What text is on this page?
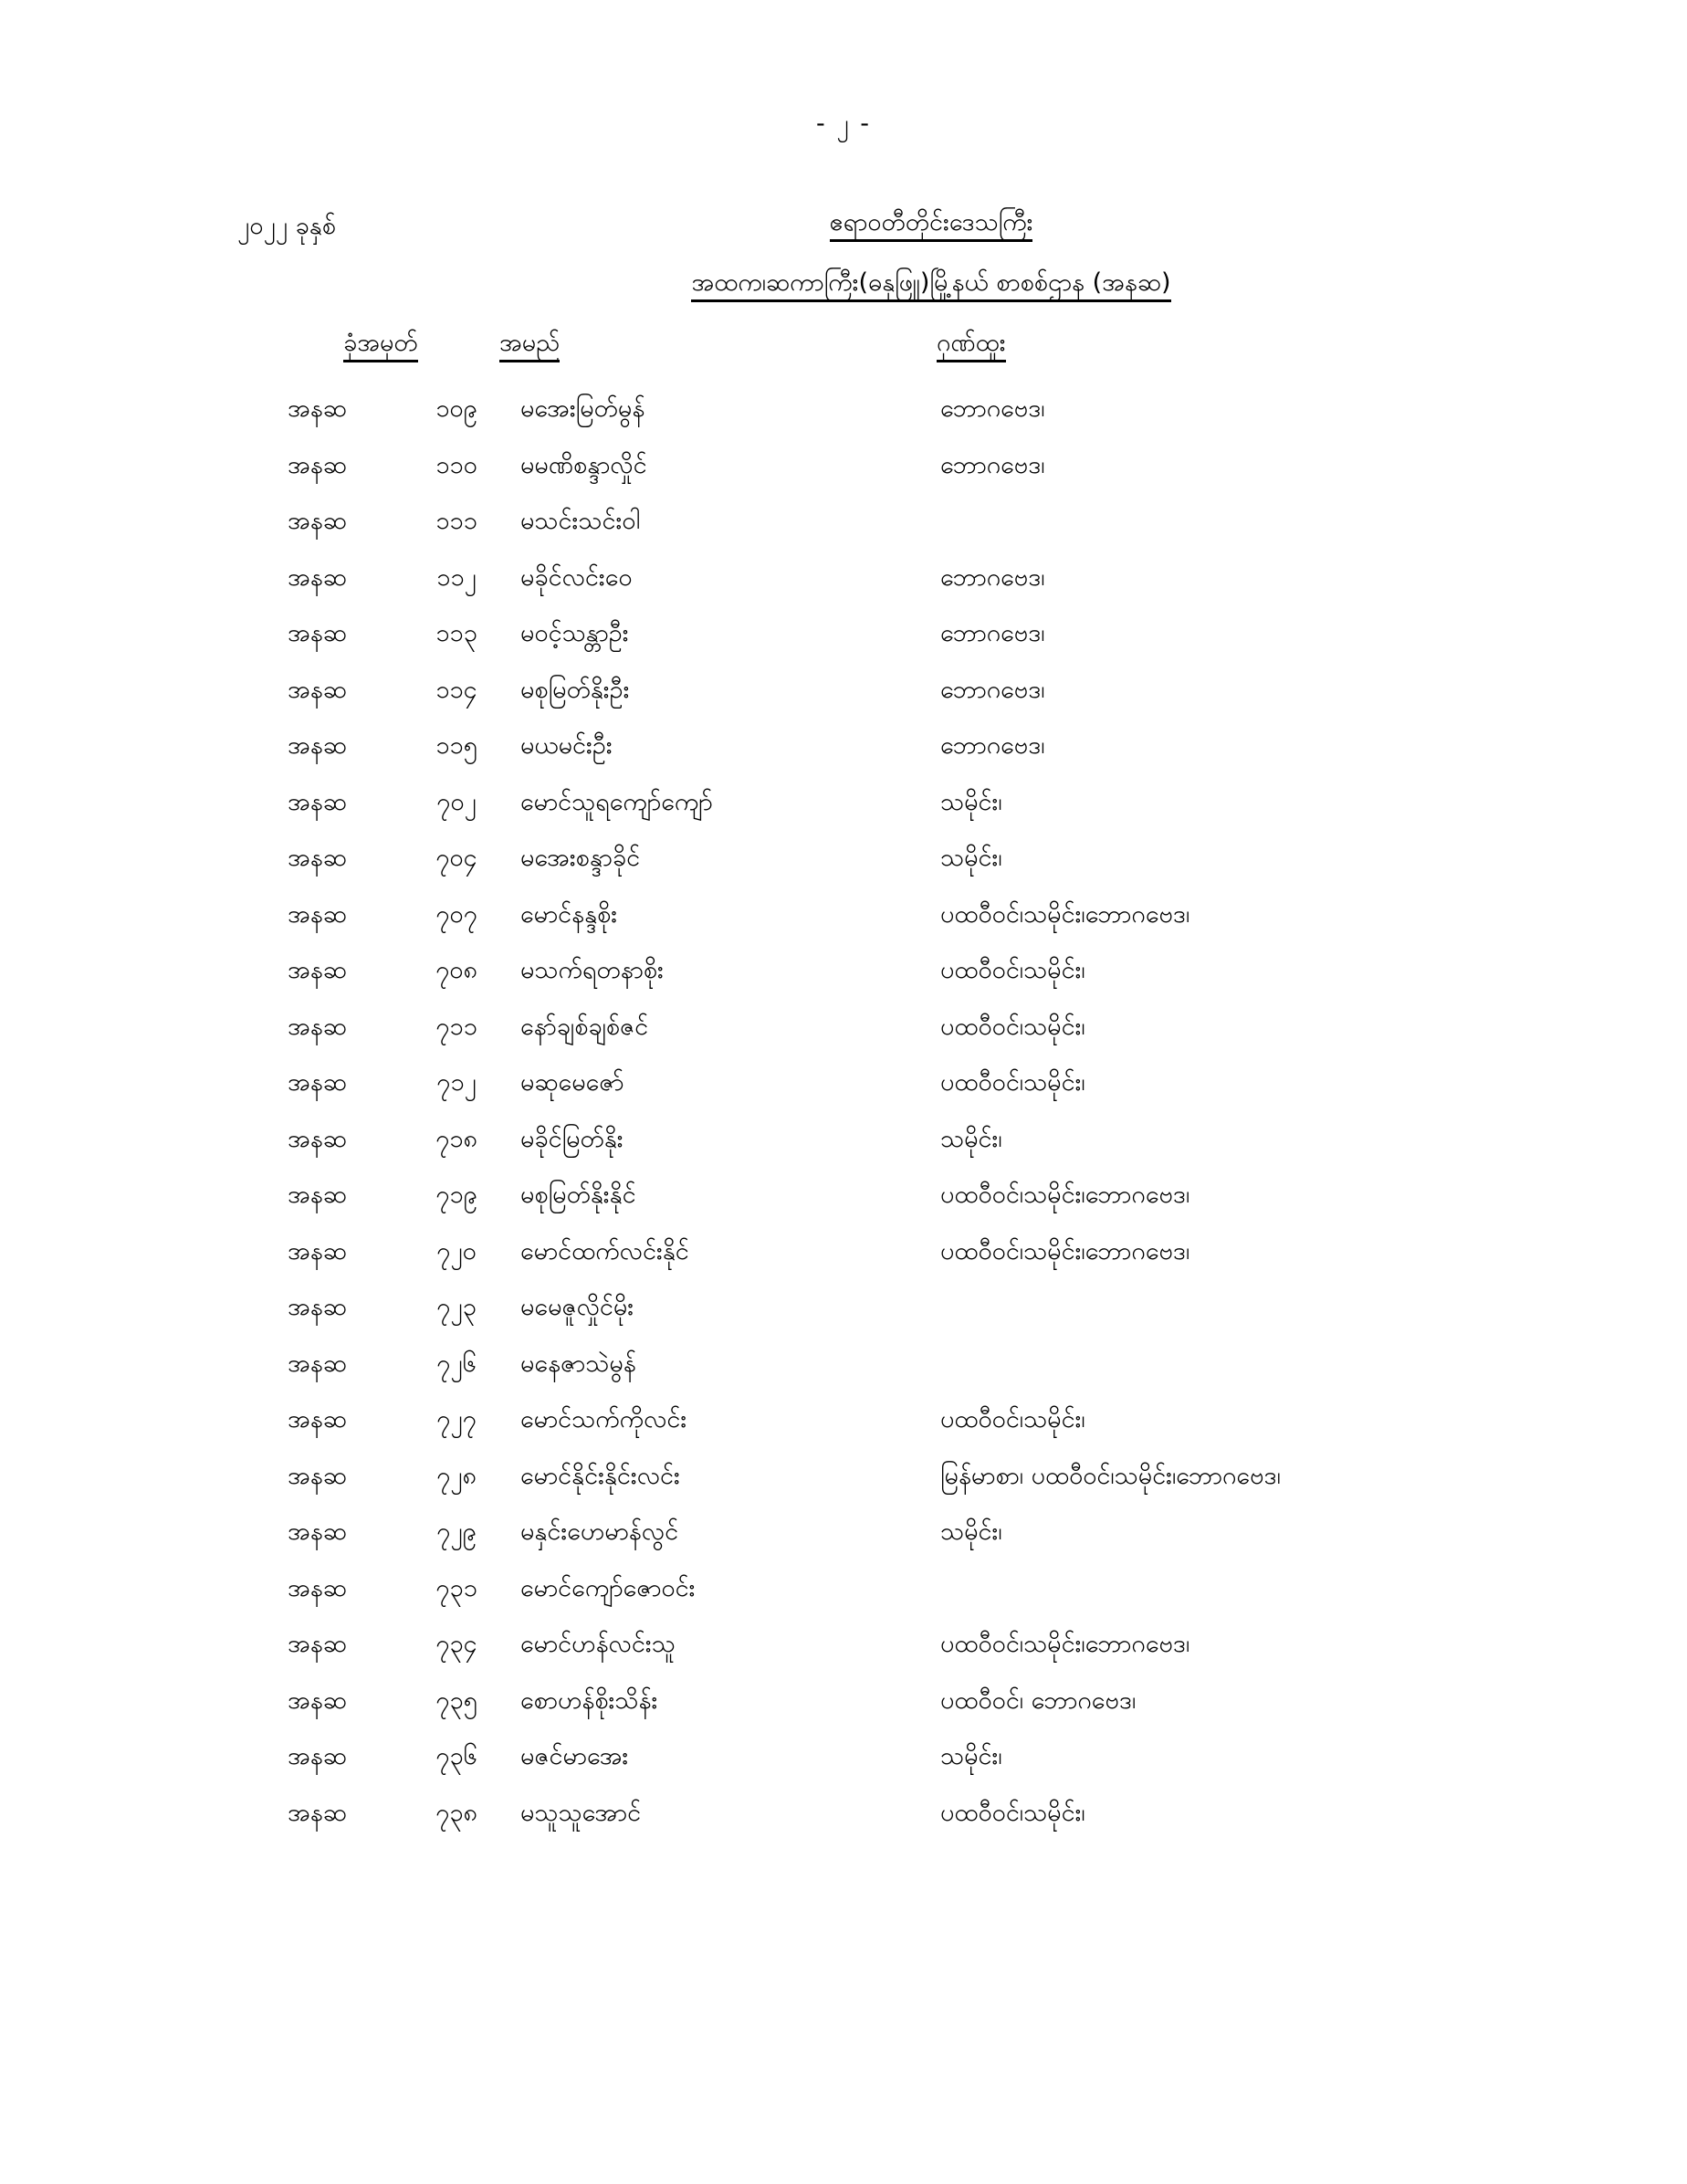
- ၂ -
၂၀၂၂ ခုနှစ်	ဧရာဝတီတိုင်းဒေသကြီး
အထက၊ဆကာကြီး(ဓနုဖြူ)မြို့နယ် စာစစ်ဌာန (အနဆ)
ခုံအမှတ်	အမည်	ဂုဏ်ထူး
အနဆ	၁၀၉	မအေးမြတ်မွန်	ဘောဂဗေဒ၊
အနဆ	၁၁၀	မမဏိစန္ဒာလှိုင်	ဘောဂဗေဒ၊
အနဆ	၁၁၁	မသင်းသင်းဝါ
အနဆ	၁၁၂	မခိုင်လင်းဝေ	ဘောဂဗေဒ၊
အနဆ	၁၁၃	မဝင့်သန္တာဦး	ဘောဂဗေဒ၊
အနဆ	၁၁၄	မစုမြတ်နိုးဦး	ဘောဂဗေဒ၊
အနဆ	၁၁၅	မယမင်းဦး	ဘောဂဗေဒ၊
အနဆ	၇၀၂	မောင်သူရကျော်ကျော်	သမိုင်း၊
အနဆ	၇၀၄	မအေးစန္ဒာခိုင်	သမိုင်း၊
အနဆ	၇၀၇	မောင်နန္ဒစိုး	ပထဝီဝင်၊သမိုင်း၊ဘောဂဗေဒ၊
အနဆ	၇၀၈	မသက်ရတနာစိုး	ပထဝီဝင်၊သမိုင်း၊
အနဆ	၇၁၁	နော်ချစ်ချစ်ဇင်	ပထဝီဝင်၊သမိုင်း၊
အနဆ	၇၁၂	မဆုမေဇော်	ပထဝီဝင်၊သမိုင်း၊
အနဆ	၇၁၈	မခိုင်မြတ်နိုး	သမိုင်း၊
အနဆ	၇၁၉	မစုမြတ်နိုးနိုင်	ပထဝီဝင်၊သမိုင်း၊ဘောဂဗေဒ၊
အနဆ	၇၂၀	မောင်ထက်လင်းနိုင်	ပထဝီဝင်၊သမိုင်း၊ဘောဂဗေဒ၊
အနဆ	၇၂၃	မမေဇူလှိုင်မိုး
အနဆ	၇၂၆	မနေဇာသဲမွန်
အနဆ	၇၂၇	မောင်သက်ကိုလင်း	ပထဝီဝင်၊သမိုင်း၊
အနဆ	၇၂၈	မောင်နိုင်းနိုင်းလင်း	မြန်မာစာ၊ ပထဝီဝင်၊သမိုင်း၊ဘောဂဗေဒ၊
အနဆ	၇၂၉	မနှင်းဟေမာန်လွင်	သမိုင်း၊
အနဆ	၇၃၁	မောင်ကျော်ဇောဝင်း
အနဆ	၇၃၄	မောင်ဟန်လင်းသူ	ပထဝီဝင်၊သမိုင်း၊ဘောဂဗေဒ၊
အနဆ	၇၃၅	စောဟန်စိုးသိန်း	ပထဝီဝင်၊ ဘောဂဗေဒ၊
အနဆ	၇၃၆	မဇင်မာအေး	သမိုင်း၊
အနဆ	၇၃၈	မသူသူအောင်	ပထဝီဝင်၊သမိုင်း၊
